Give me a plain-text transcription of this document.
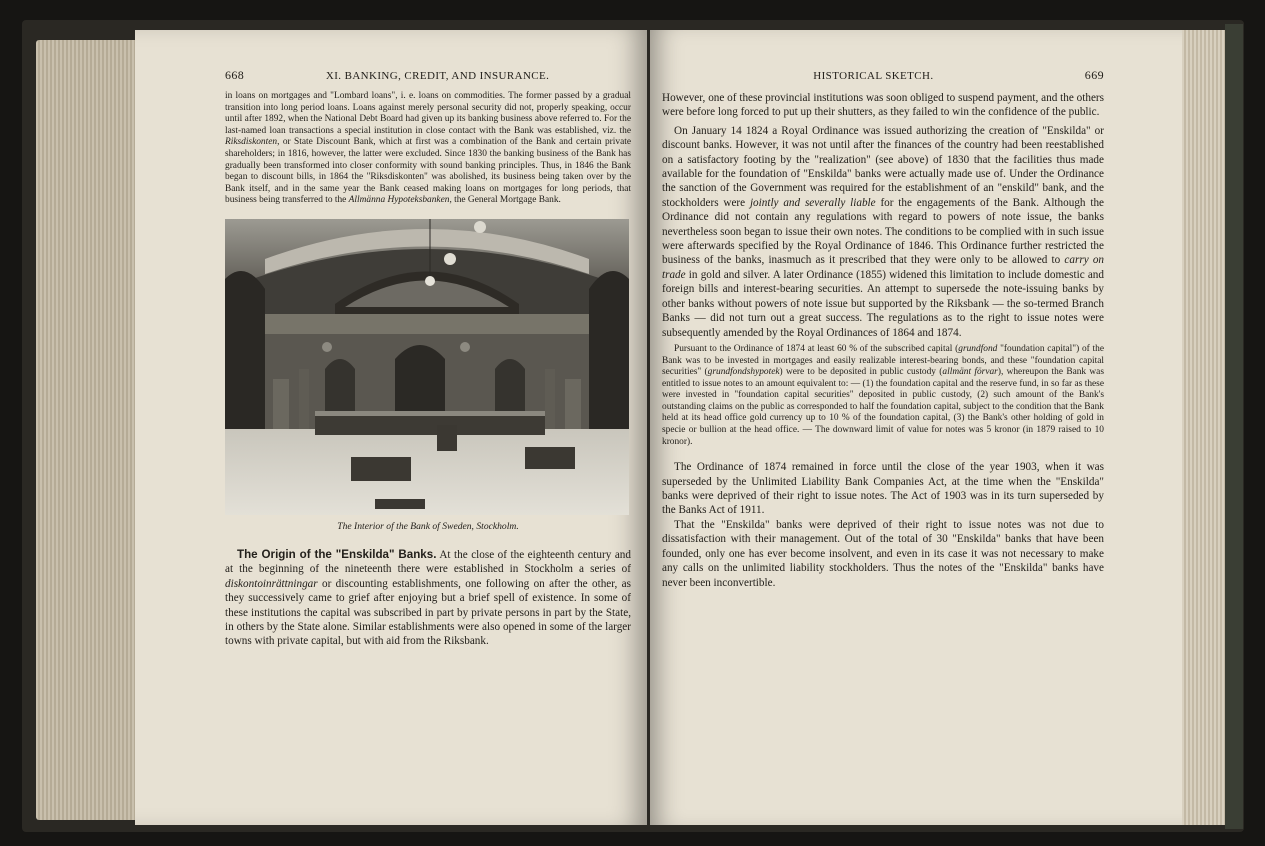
668	XI. BANKING, CREDIT, AND INSURANCE.

in loans on mortgages and "Lombard loans", i. e. loans on commodities. The former passed by a gradual transition into long period loans. Loans against merely personal security did not, properly speaking, occur until after 1892, when the National Debt Board had given up its banking business above referred to. For the last-named loan transactions a special institution in close contact with the Bank was established, viz. the Riksdiskonten, or State Discount Bank, which at first was a combination of the Bank and certain private shareholders; in 1816, however, the latter were excluded. Since 1830 the banking business of the Bank has gradually been transformed into closer conformity with sound banking principles. Thus, in 1846 the Bank began to discount bills, in 1864 the "Riksdiskonten" was abolished, its business being taken over by the Bank itself, and in the same year the Bank ceased making loans on mortgages for long periods, that business being transferred to the Allmänna Hypoteksbanken, the General Mortgage Bank.

The Interior of the Bank of Sweden, Stockholm.

The Origin of the "Enskilda" Banks. At the close of the eighteenth century and at the beginning of the nineteenth there were established in Stockholm a series of diskontoinrättningar or discounting establishments, one following on after the other, as they successively came to grief after enjoying but a brief spell of existence. In some of these institutions the capital was subscribed in part by private persons in part by the State, in others by the State alone. Similar establishments were also opened in some of the larger towns with private capital, but with aid from the Riksbank.

HISTORICAL SKETCH.	669

However, one of these provincial institutions was soon obliged to suspend payment, and the others were before long forced to put up their shutters, as they failed to win the confidence of the public.

On January 14 1824 a Royal Ordinance was issued authorizing the creation of "Enskilda" or discount banks. However, it was not until after the finances of the country had been reestablished on a satisfactory footing by the "realization" (see above) of 1830 that the facilities thus made available for the foundation of "Enskilda" banks were actually made use of. Under the Ordinance the sanction of the Government was required for the establishment of an "enskild" bank, and the stockholders were jointly and severally liable for the engagements of the Bank. Although the Ordinance did not contain any regulations with regard to powers of note issue, the banks nevertheless soon began to issue their own notes. The conditions to be complied with in such issue were afterwards specified by the Royal Ordinance of 1846. This Ordinance further restricted the business of the banks, inasmuch as it prescribed that they were only to be allowed to carry on trade in gold and silver. A later Ordinance (1855) widened this limitation to include domestic and foreign bills and interest-bearing securities. An attempt to supersede the note-issuing banks by other banks without powers of note issue but supported by the Riksbank — the so-termed Branch Banks — did not turn out a great success. The regulations as to the right to issue notes were subsequently amended by the Royal Ordinances of 1864 and 1874.

Pursuant to the Ordinance of 1874 at least 60 % of the subscribed capital (grundfond "foundation capital") of the Bank was to be invested in mortgages and easily realizable interest-bearing bonds, and these "foundation capital securities" (grundfondshypotek) were to be deposited in public custody (allmänt förvar), whereupon the Bank was entitled to issue notes to an amount equivalent to: — (1) the foundation capital and the reserve fund, in so far as these were invested in "foundation capital securities" deposited in public custody, (2) such amount of the Bank's outstanding claims on the public as corresponded to half the foundation capital, subject to the condition that the Bank held at its head office gold currency up to 10 % of the foundation capital, (3) the Bank's other holding of gold in specie or bullion at the head office. — The downward limit of value for notes was 5 kronor (in 1879 raised to 10 kronor).

The Ordinance of 1874 remained in force until the close of the year 1903, when it was superseded by the Unlimited Liability Bank Companies Act, at the time when the "Enskilda" banks were deprived of their right to issue notes. The Act of 1903 was in its turn superseded by the Banks Act of 1911.

That the "Enskilda" banks were deprived of their right to issue notes was not due to dissatisfaction with their management. Out of the total of 30 "Enskilda" banks that have been founded, only one has ever become insolvent, and even in its case it was not necessary to make any calls on the unlimited liability stockholders. Thus the notes of the "Enskilda" banks have never been inconvertible.
